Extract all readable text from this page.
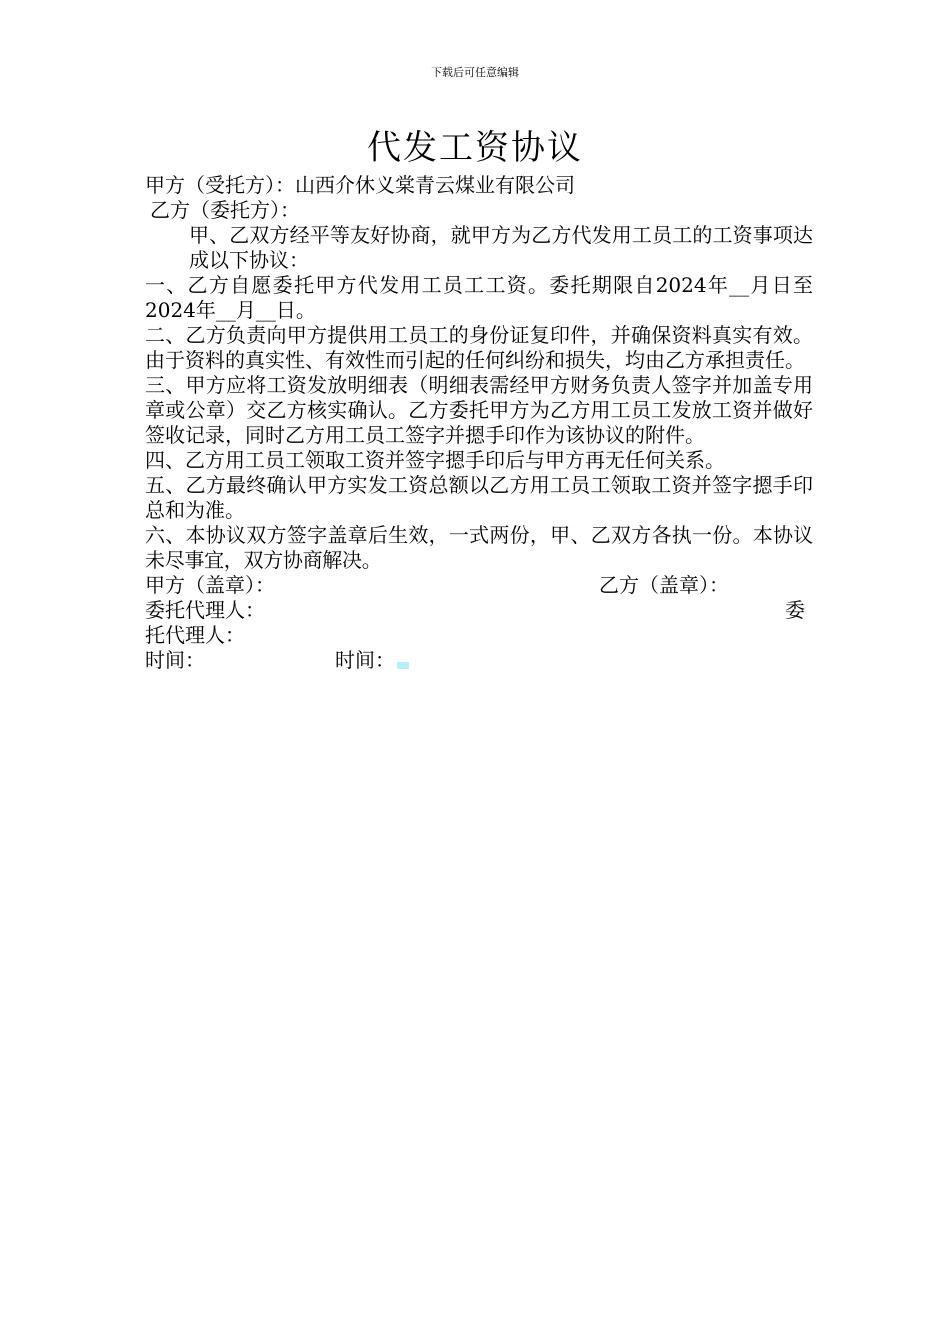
下载后可任意编辑
代发工资协议
甲方（受托方）：山西介休义棠青云煤业有限公司
乙方（委托方）：
甲、乙双方经平等友好协商，就甲方为乙方代发用工员工的工资事项达成以下协议：
一、乙方自愿委托甲方代发用工员工工资。委托期限自2024年__月日至2024年__月__日。
二、乙方负责向甲方提供用工员工的身份证复印件，并确保资料真实有效。由于资料的真实性、有效性而引起的任何纠纷和损失，均由乙方承担责任。
三、甲方应将工资发放明细表（明细表需经甲方财务负责人签字并加盖专用章或公章）交乙方核实确认。乙方委托甲方为乙方用工员工发放工资并做好签收记录，同时乙方用工员工签字并摁手印作为该协议的附件。
四、乙方用工员工领取工资并签字摁手印后与甲方再无任何关系。
五、乙方最终确认甲方实发工资总额以乙方用工员工领取工资并签字摁手印总和为准。
六、本协议双方签字盖章后生效，一式两份，甲、乙双方各执一份。本协议未尽事宜，双方协商解决。
甲方（盖章）：	乙方（盖章）：
委托代理人：	委
托代理人：
时间：	时间：
